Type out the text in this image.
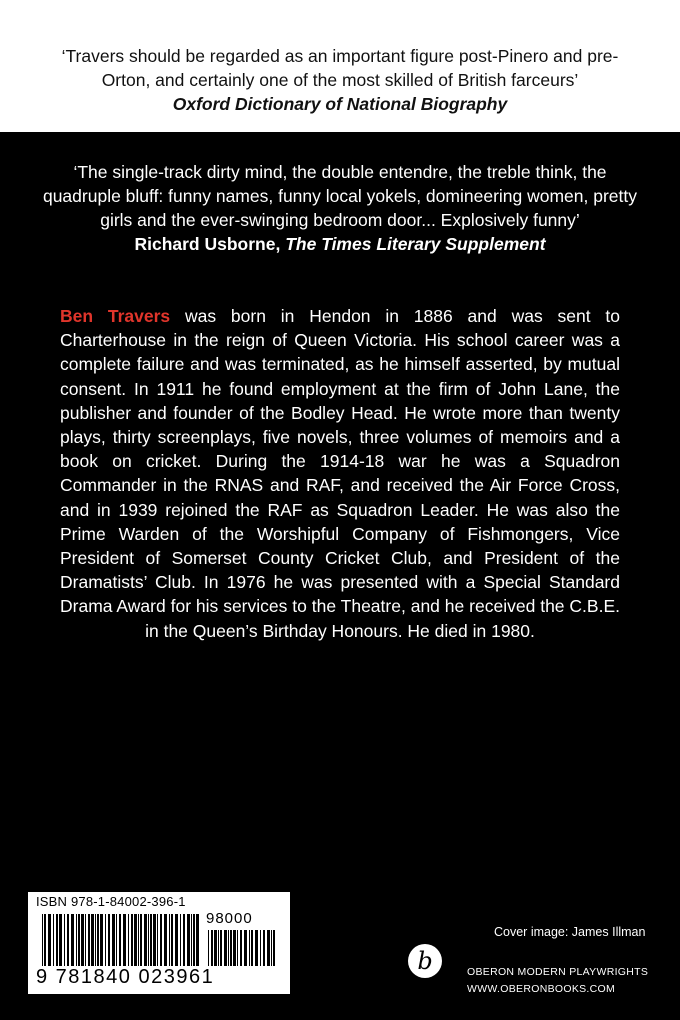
‘Travers should be regarded as an important figure post-Pinero and pre-Orton, and certainly one of the most skilled of British farceurs’
Oxford Dictionary of National Biography
‘The single-track dirty mind, the double entendre, the treble think, the quadruple bluff: funny names, funny local yokels, domineering women, pretty girls and the ever-swinging bedroom door... Explosively funny’
Richard Usborne, The Times Literary Supplement
Ben Travers was born in Hendon in 1886 and was sent to Charterhouse in the reign of Queen Victoria. His school career was a complete failure and was terminated, as he himself asserted, by mutual consent. In 1911 he found employment at the firm of John Lane, the publisher and founder of the Bodley Head. He wrote more than twenty plays, thirty screenplays, five novels, three volumes of memoirs and a book on cricket. During the 1914-18 war he was a Squadron Commander in the RNAS and RAF, and received the Air Force Cross, and in 1939 rejoined the RAF as Squadron Leader. He was also the Prime Warden of the Worshipful Company of Fishmongers, Vice President of Somerset County Cricket Club, and President of the Dramatists’ Club. In 1976 he was presented with a Special Standard Drama Award for his services to the Theatre, and he received the C.B.E. in the Queen’s Birthday Honours. He died in 1980.
ISBN 978-1-84002-396-1
98000
9 781840 023961
Cover image: James Illman
b	OBERON MODERN PLAYWRIGHTS
WWW.OBERONBOOKS.COM
